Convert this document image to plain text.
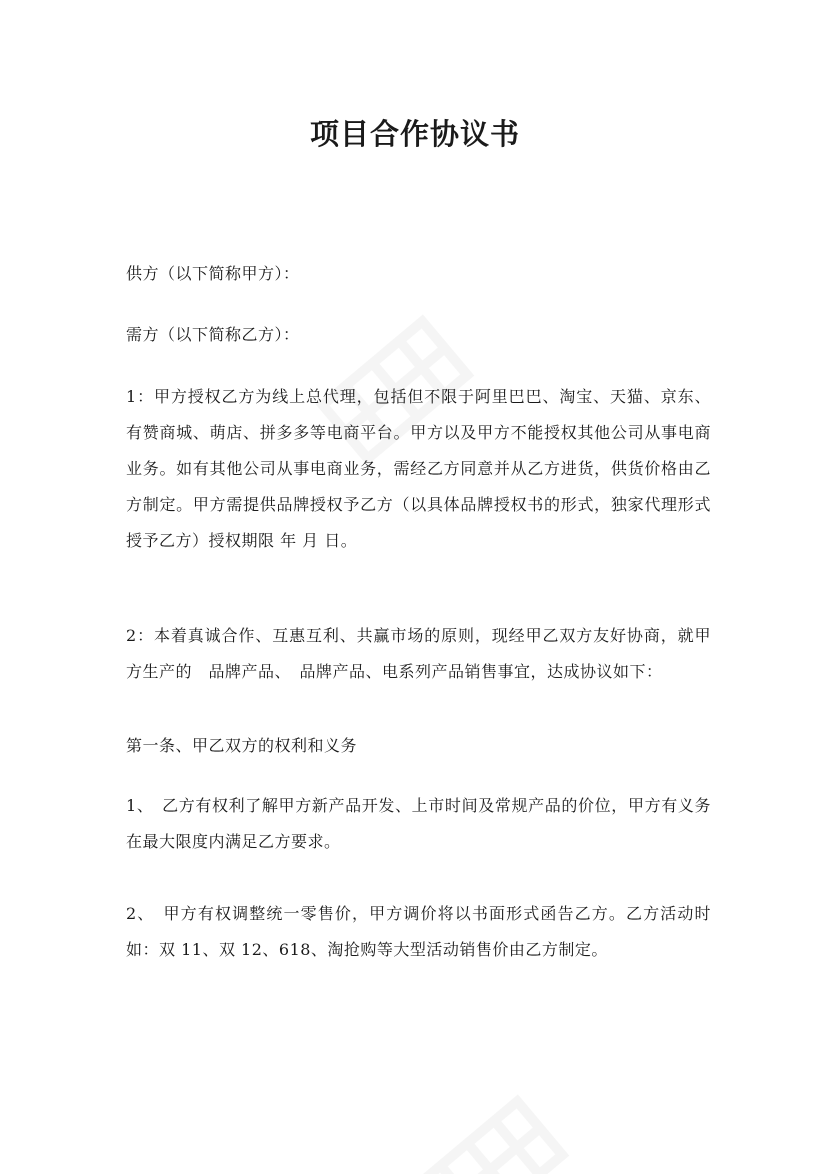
项目合作协议书

供方（以下简称甲方）：

需方（以下简称乙方）：

1：甲方授权乙方为线上总代理，包括但不限于阿里巴巴、淘宝、天猫、京东、有赞商城、萌店、拼多多等电商平台。甲方以及甲方不能授权其他公司从事电商业务。如有其他公司从事电商业务，需经乙方同意并从乙方进货，供货价格由乙方制定。甲方需提供品牌授权予乙方（以具体品牌授权书的形式，独家代理形式授予乙方）授权期限 年 月 日。

2：本着真诚合作、互惠互利、共赢市场的原则，现经甲乙双方友好协商，就甲方生产的　品牌产品、　品牌产品、电系列产品销售事宜，达成协议如下：

第一条、甲乙双方的权利和义务

1、　乙方有权利了解甲方新产品开发、上市时间及常规产品的价位，甲方有义务在最大限度内满足乙方要求。

2、　甲方有权调整统一零售价，甲方调价将以书面形式函告乙方。乙方活动时如：双 11、双 12、618、淘抢购等大型活动销售价由乙方制定。
